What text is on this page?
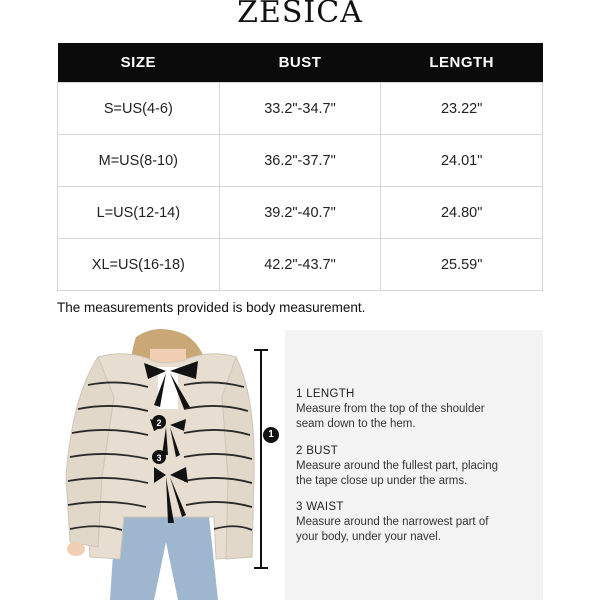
ZESICA
SIZE	BUST	LENGTH
S=US(4-6)	33.2"-34.7"	23.22"
M=US(8-10)	36.2"-37.7"	24.01"
L=US(12-14)	39.2"-40.7"	24.80"
XL=US(16-18)	42.2"-43.7"	25.59"
The measurements provided is body measurement.
2
3
1
1 LENGTH
Measure from the top of the shoulder
seam down to the hem.
2 BUST
Measure around the fullest part, placing
the tape close up under the arms.
3 WAIST
Measure around the narrowest part of
your body, under your navel.
